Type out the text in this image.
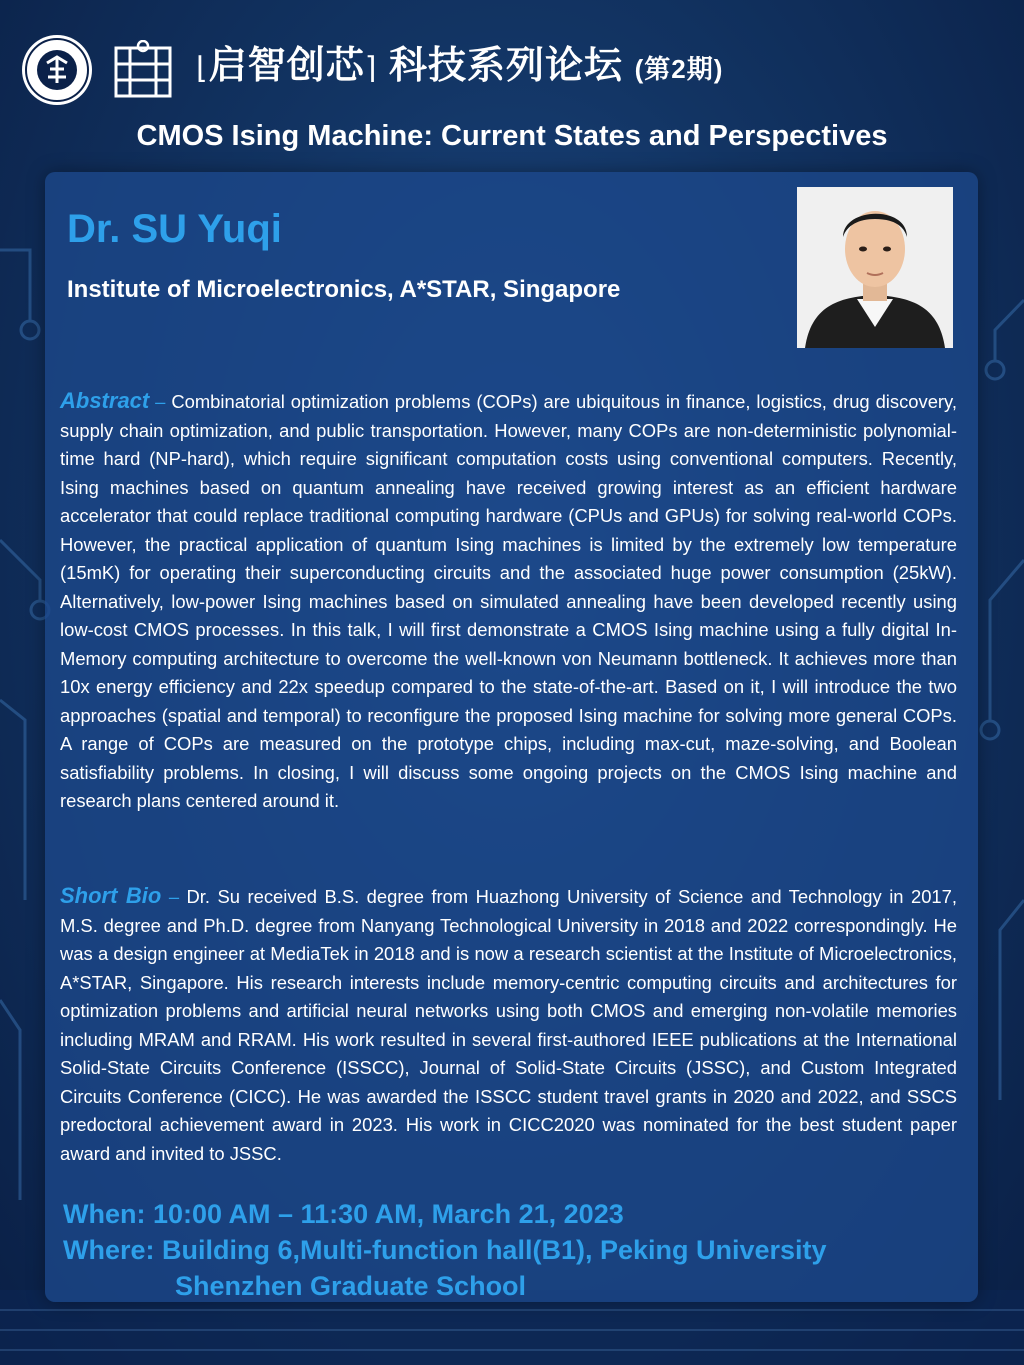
⌊启智创芯⌉ 科技系列论坛 (第2期)
CMOS Ising Machine: Current States and Perspectives
Dr. SU Yuqi
Institute of Microelectronics, A*STAR, Singapore
Abstract – Combinatorial optimization problems (COPs) are ubiquitous in finance, logistics, drug discovery, supply chain optimization, and public transportation. However, many COPs are non-deterministic polynomial-time hard (NP-hard), which require significant computation costs using conventional computers. Recently, Ising machines based on quantum annealing have received growing interest as an efficient hardware accelerator that could replace traditional computing hardware (CPUs and GPUs) for solving real-world COPs. However, the practical application of quantum Ising machines is limited by the extremely low temperature (15mK) for operating their superconducting circuits and the associated huge power consumption (25kW). Alternatively, low-power Ising machines based on simulated annealing have been developed recently using low-cost CMOS processes. In this talk, I will first demonstrate a CMOS Ising machine using a fully digital In-Memory computing architecture to overcome the well-known von Neumann bottleneck. It achieves more than 10x energy efficiency and 22x speedup compared to the state-of-the-art. Based on it, I will introduce the two approaches (spatial and temporal) to reconfigure the proposed Ising machine for solving more general COPs. A range of COPs are measured on the prototype chips, including max-cut, maze-solving, and Boolean satisfiability problems. In closing, I will discuss some ongoing projects on the CMOS Ising machine and research plans centered around it.
Short Bio – Dr. Su received B.S. degree from Huazhong University of Science and Technology in 2017, M.S. degree and Ph.D. degree from Nanyang Technological University in 2018 and 2022 correspondingly. He was a design engineer at MediaTek in 2018 and is now a research scientist at the Institute of Microelectronics, A*STAR, Singapore. His research interests include memory-centric computing circuits and architectures for optimization problems and artificial neural networks using both CMOS and emerging non-volatile memories including MRAM and RRAM. His work resulted in several first-authored IEEE publications at the International Solid-State Circuits Conference (ISSCC), Journal of Solid-State Circuits (JSSC), and Custom Integrated Circuits Conference (CICC). He was awarded the ISSCC student travel grants in 2020 and 2022, and SSCS predoctoral achievement award in 2023. His work in CICC2020 was nominated for the best student paper award and invited to JSSC.
When: 10:00 AM – 11:30 AM, March 21, 2023
Where: Building 6,Multi-function hall(B1), Peking University
Shenzhen Graduate School
